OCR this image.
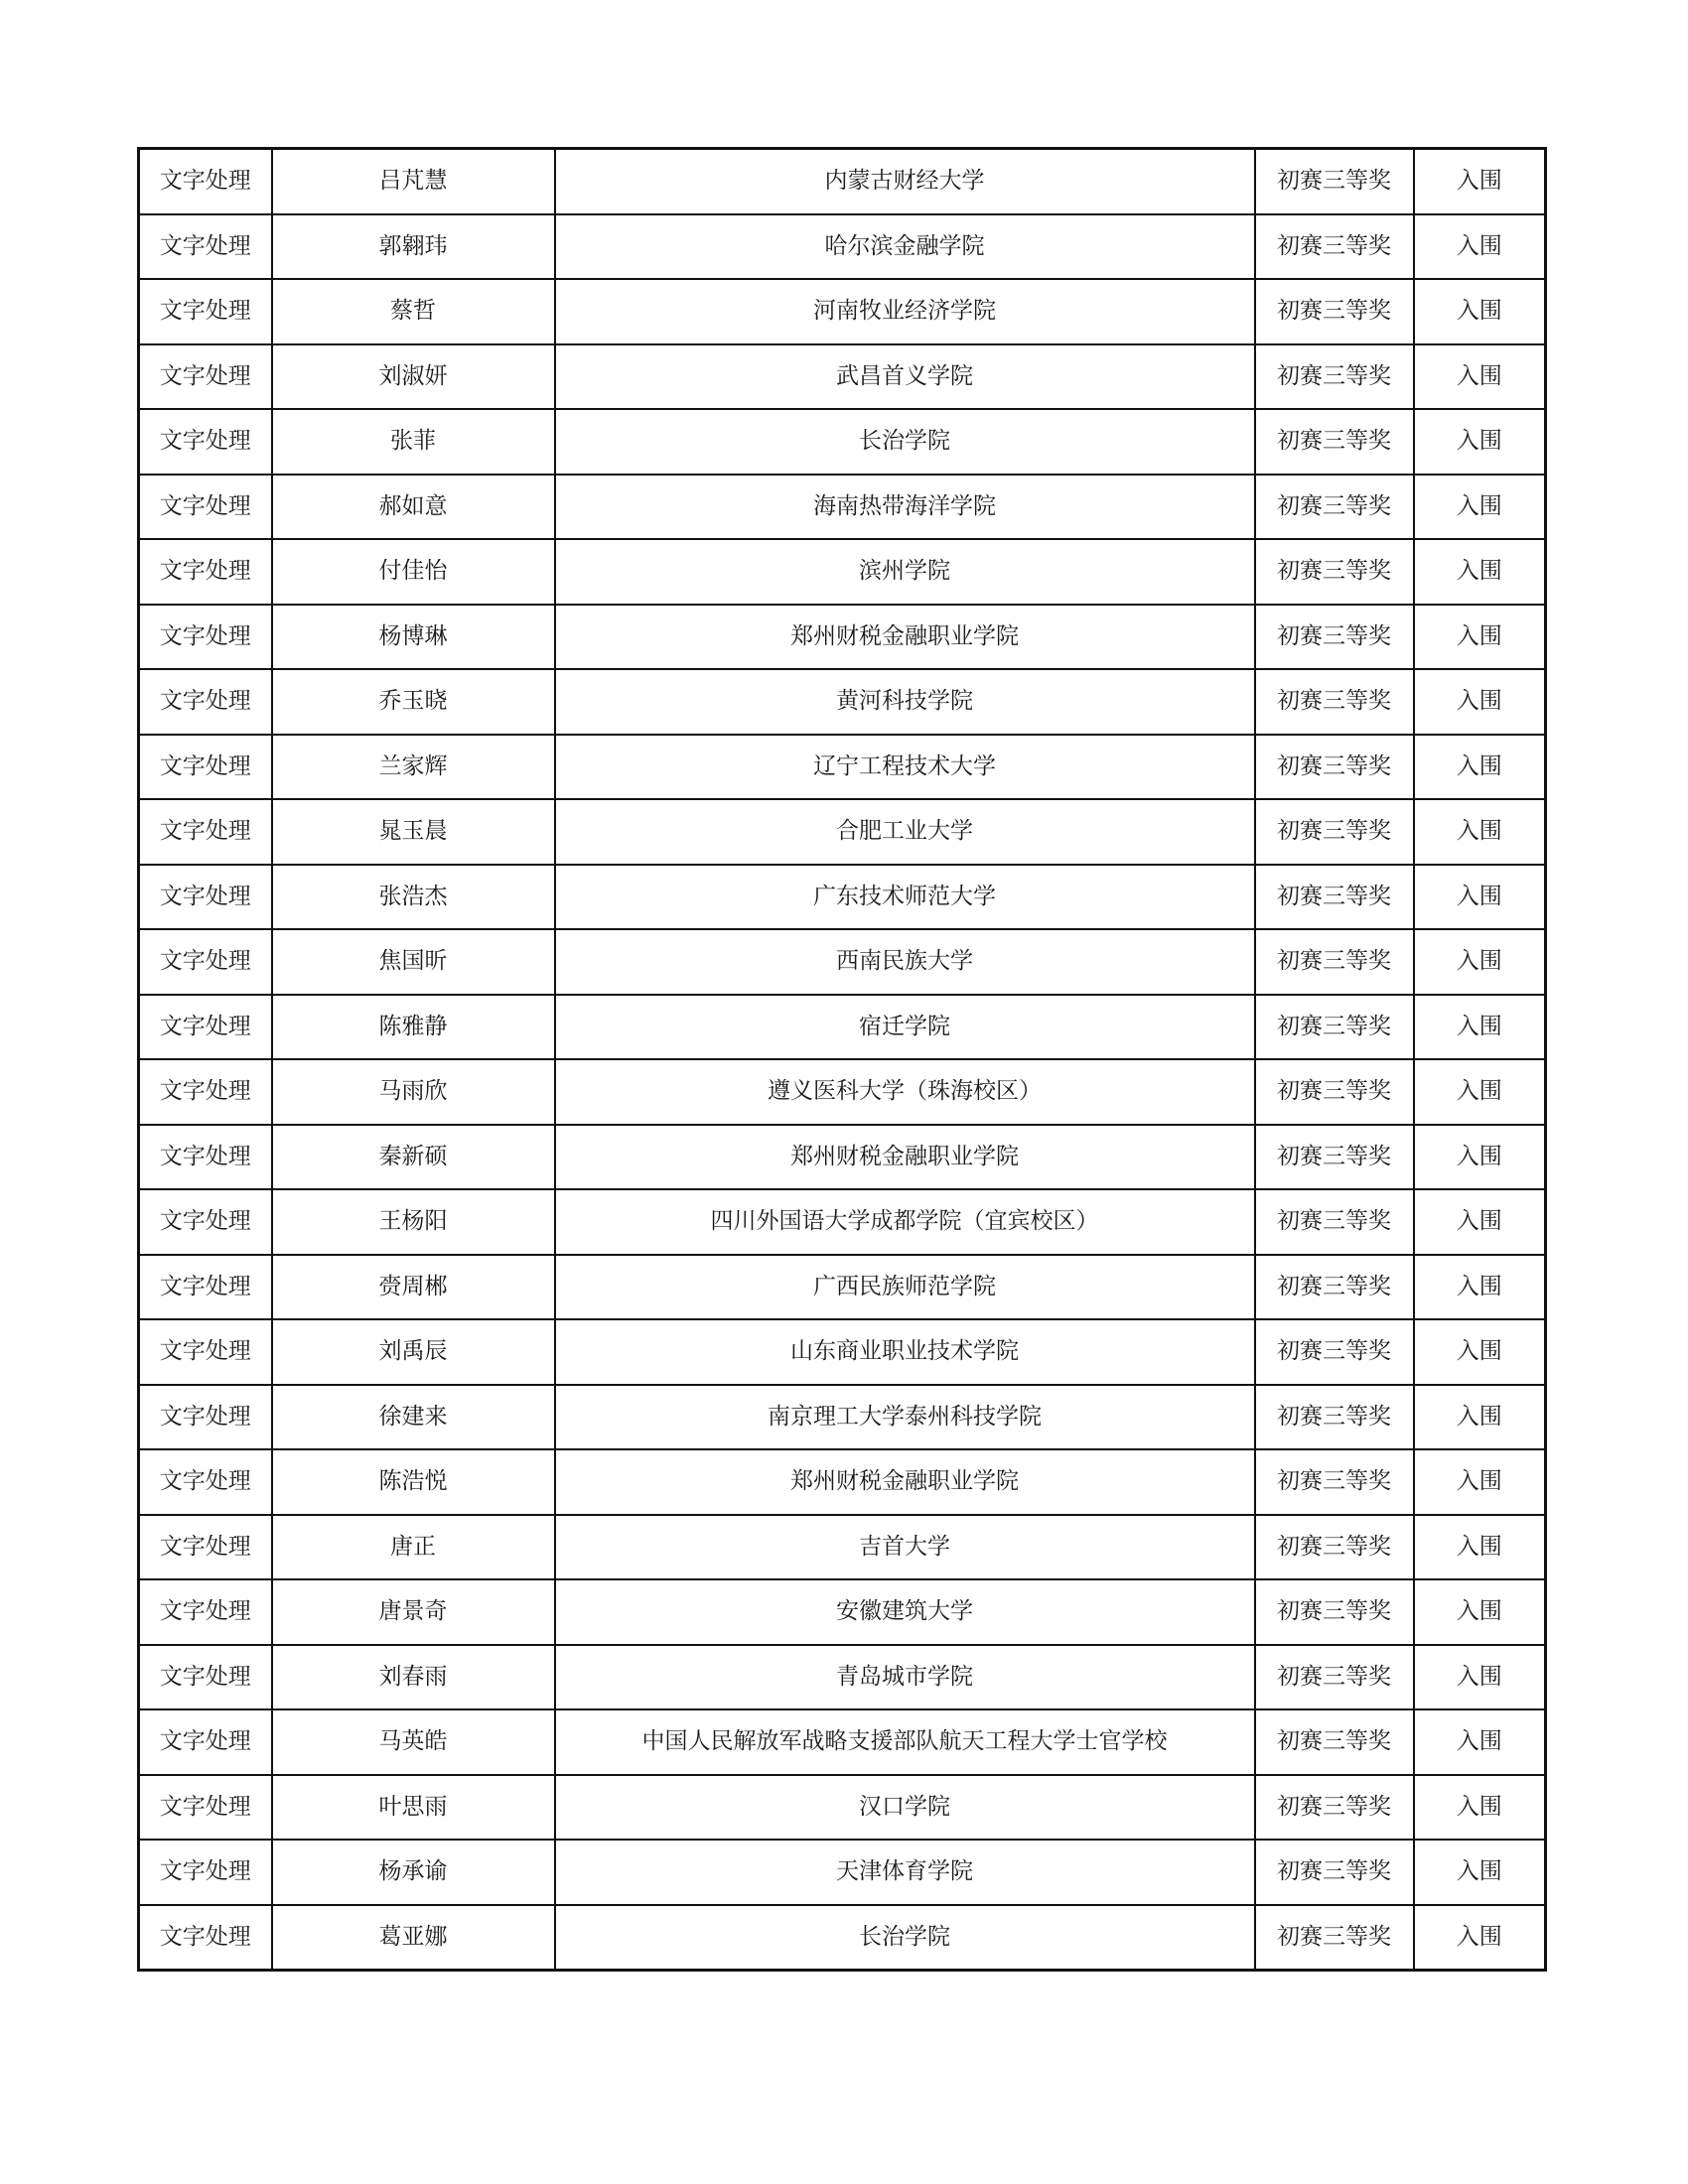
文字处理	吕芃慧	内蒙古财经大学	初赛三等奖	入围
文字处理	郭翱玮	哈尔滨金融学院	初赛三等奖	入围
文字处理	蔡哲	河南牧业经济学院	初赛三等奖	入围
文字处理	刘淑妍	武昌首义学院	初赛三等奖	入围
文字处理	张菲	长治学院	初赛三等奖	入围
文字处理	郝如意	海南热带海洋学院	初赛三等奖	入围
文字处理	付佳怡	滨州学院	初赛三等奖	入围
文字处理	杨博琳	郑州财税金融职业学院	初赛三等奖	入围
文字处理	乔玉晓	黄河科技学院	初赛三等奖	入围
文字处理	兰家辉	辽宁工程技术大学	初赛三等奖	入围
文字处理	晁玉晨	合肥工业大学	初赛三等奖	入围
文字处理	张浩杰	广东技术师范大学	初赛三等奖	入围
文字处理	焦国昕	西南民族大学	初赛三等奖	入围
文字处理	陈雅静	宿迁学院	初赛三等奖	入围
文字处理	马雨欣	遵义医科大学（珠海校区）	初赛三等奖	入围
文字处理	秦新硕	郑州财税金融职业学院	初赛三等奖	入围
文字处理	王杨阳	四川外国语大学成都学院（宜宾校区）	初赛三等奖	入围
文字处理	赍周郴	广西民族师范学院	初赛三等奖	入围
文字处理	刘禹辰	山东商业职业技术学院	初赛三等奖	入围
文字处理	徐建来	南京理工大学泰州科技学院	初赛三等奖	入围
文字处理	陈浩悦	郑州财税金融职业学院	初赛三等奖	入围
文字处理	唐正	吉首大学	初赛三等奖	入围
文字处理	唐景奇	安徽建筑大学	初赛三等奖	入围
文字处理	刘春雨	青岛城市学院	初赛三等奖	入围
文字处理	马英皓	中国人民解放军战略支援部队航天工程大学士官学校	初赛三等奖	入围
文字处理	叶思雨	汉口学院	初赛三等奖	入围
文字处理	杨承谕	天津体育学院	初赛三等奖	入围
文字处理	葛亚娜	长治学院	初赛三等奖	入围
